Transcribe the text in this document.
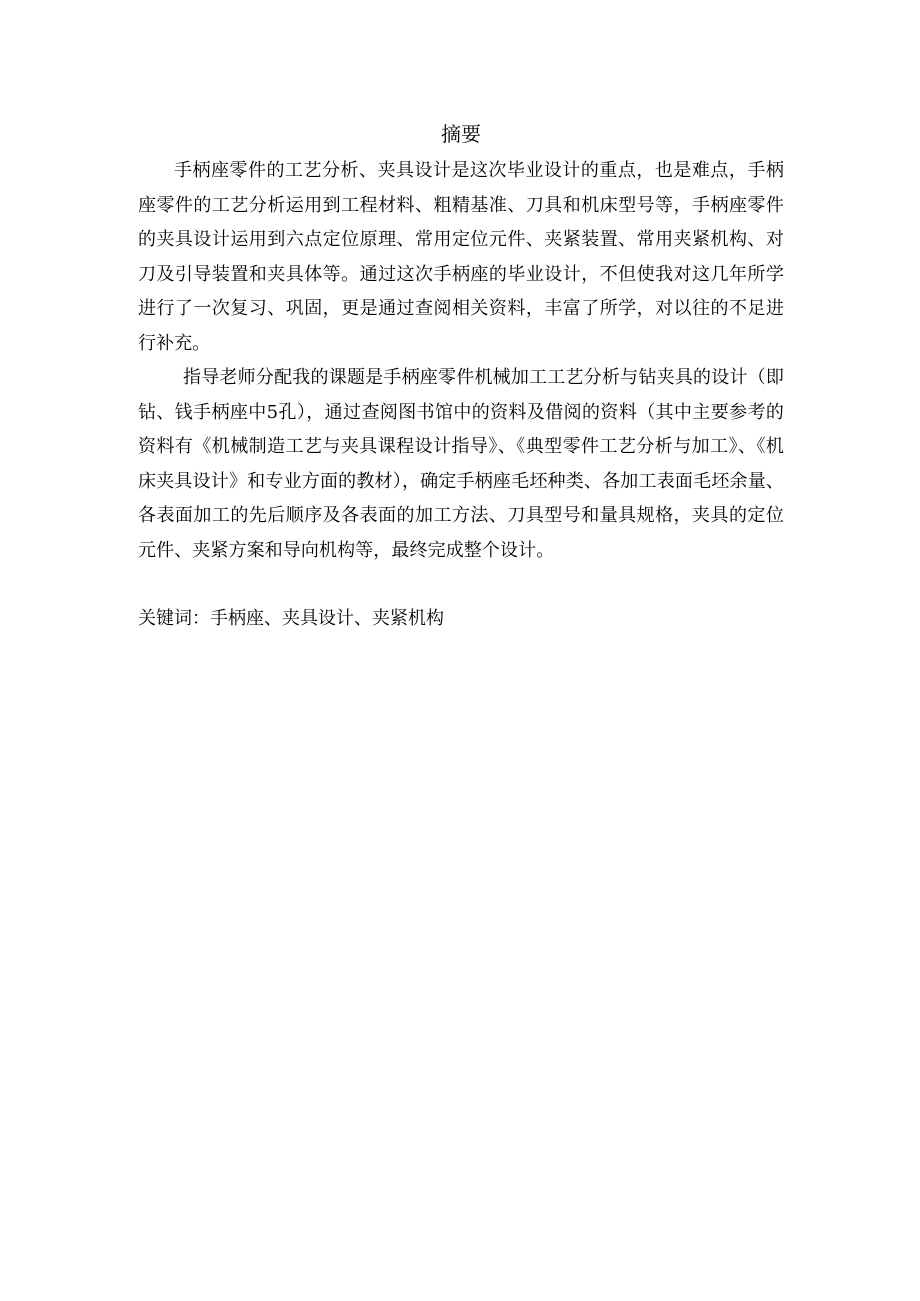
摘要

手柄座零件的工艺分析、夹具设计是这次毕业设计的重点，也是难点，手柄座零件的工艺分析运用到工程材料、粗精基准、刀具和机床型号等，手柄座零件的夹具设计运用到六点定位原理、常用定位元件、夹紧装置、常用夹紧机构、对刀及引导装置和夹具体等。通过这次手柄座的毕业设计，不但使我对这几年所学进行了一次复习、巩固，更是通过查阅相关资料，丰富了所学，对以往的不足进行补充。

指导老师分配我的课题是手柄座零件机械加工工艺分析与钻夹具的设计（即钻、钱手柄座中5孔），通过查阅图书馆中的资料及借阅的资料（其中主要参考的资料有《机械制造工艺与夹具课程设计指导》、《典型零件工艺分析与加工》、《机床夹具设计》和专业方面的教材），确定手柄座毛坯种类、各加工表面毛坯余量、各表面加工的先后顺序及各表面的加工方法、刀具型号和量具规格，夹具的定位元件、夹紧方案和导向机构等，最终完成整个设计。

关键词：手柄座、夹具设计、夹紧机构
